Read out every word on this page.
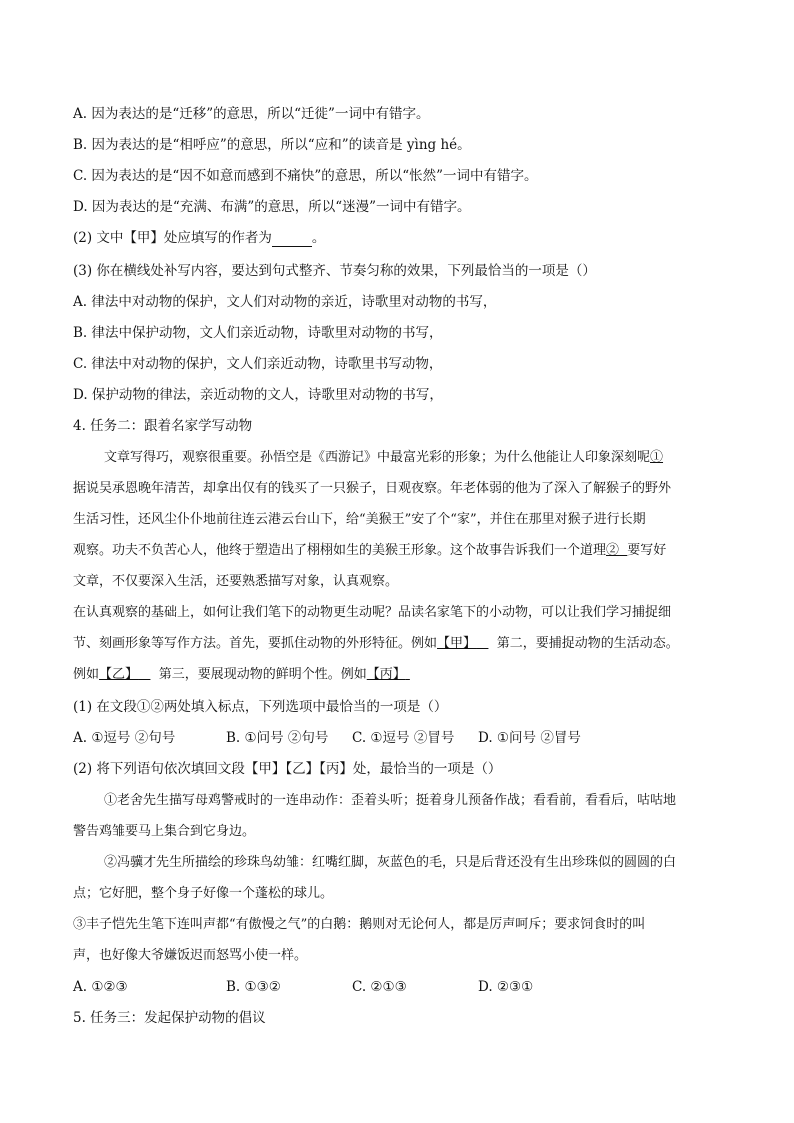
A. 因为表达的是“迁移”的意思，所以“迁徙”一词中有错字。
B. 因为表达的是“相呼应”的意思，所以“应和”的读音是 yìng hé。
C. 因为表达的是“因不如意而感到不痛快”的意思，所以“怅然”一词中有错字。
D. 因为表达的是“充满、布满”的意思，所以“迷漫”一词中有错字。
(2) 文中【甲】处应填写的作者为	。
(3) 你在横线处补写内容，要达到句式整齐、节奏匀称的效果，下列最恰当的一项是（）
A. 律法中对动物的保护，文人们对动物的亲近，诗歌里对动物的书写，
B. 律法中保护动物，文人们亲近动物，诗歌里对动物的书写，
C. 律法中对动物的保护，文人们亲近动物，诗歌里书写动物，
D. 保护动物的律法，亲近动物的文人，诗歌里对动物的书写，
4. 任务二：跟着名家学写动物
文章写得巧，观察很重要。孙悟空是《西游记》中最富光彩的形象；为什么他能让人印象深刻呢①
据说吴承恩晚年清苦，却拿出仅有的钱买了一只猴子，日观夜察。年老体弱的他为了深入了解猴子的野外
生活习性，还风尘仆仆地前往连云港云台山下，给“美猴王”安了个“家”，并住在那里对猴子进行长期
观察。功夫不负苦心人，他终于塑造出了栩栩如生的美猴王形象。这个故事告诉我们一个道理② 要写好
文章，不仅要深入生活，还要熟悉描写对象，认真观察。
在认真观察的基础上，如何让我们笔下的动物更生动呢？品读名家笔下的小动物，可以让我们学习捕捉细
节、刻画形象等写作方法。首先，要抓住动物的外形特征。例如【甲】 第二，要捕捉动物的生活动态。
例如【乙】 第三，要展现动物的鲜明个性。例如【丙】
(1) 在文段①②两处填入标点，下列选项中最恰当的一项是（）
A. ①逗号 ②句号	B. ①问号 ②句号 C. ①逗号 ②冒号 D. ①问号 ②冒号
(2) 将下列语句依次填回文段【甲】【乙】【丙】处，最恰当的一项是（）
①老舍先生描写母鸡警戒时的一连串动作：歪着头听；挺着身儿预备作战；看看前，看看后，咕咕地
警告鸡雏要马上集合到它身边。
②冯骥才先生所描绘的珍珠鸟幼雏：红嘴红脚，灰蓝色的毛，只是后背还没有生出珍珠似的圆圆的白
点；它好肥，整个身子好像一个蓬松的球儿。
③丰子恺先生笔下连叫声都“有傲慢之气”的白鹅：鹅则对无论何人，都是厉声呵斥；要求饲食时的叫
声，也好像大爷嫌饭迟而怒骂小使一样。
A. ①②③	B. ①③②	C. ②①③	D. ②③①
5. 任务三：发起保护动物的倡议
